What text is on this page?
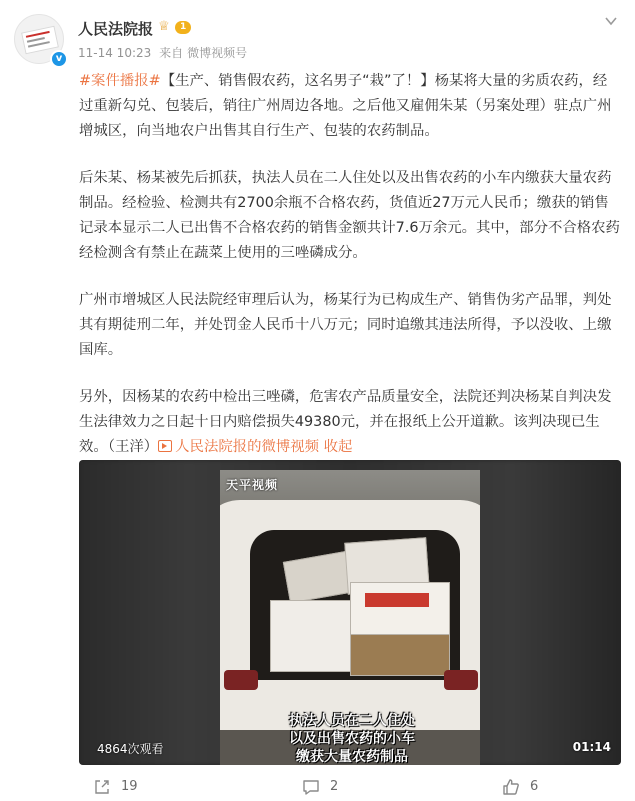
v
人民法院报 ♕	1
11-14 10:23 来自 微博视频号

#案件播报#【生产、销售假农药，这名男子“栽”了！】杨某将大量的劣质农药，经过重新勾兑、包装后，销往广州周边各地。之后他又雇佣朱某（另案处理）驻点广州增城区，向当地农户出售其自行生产、包装的农药制品。

后朱某、杨某被先后抓获，执法人员在二人住处以及出售农药的小车内缴获大量农药制品。经检验、检测共有2700余瓶不合格农药，货值近27万元人民币；缴获的销售记录本显示二人已出售不合格农药的销售金额共计7.6万余元。其中，部分不合格农药经检测含有禁止在蔬菜上使用的三唑磷成分。

广州市增城区人民法院经审理后认为，杨某行为已构成生产、销售伪劣产品罪，判处其有期徒刑二年，并处罚金人民币十八万元；同时追缴其违法所得，予以没收、上缴国库。

另外，因杨某的农药中检出三唑磷，危害农产品质量安全，法院还判决杨某自判决发生法律效力之日起十日内赔偿损失49380元，并在报纸上公开道歉。该判决现已生效。（王洋） 人民法院报的微博视频 收起

天平视频
执法人员在二人住处
以及出售农药的小车
缴获大量农药制品
4864次观看	01:14
19	2	6
